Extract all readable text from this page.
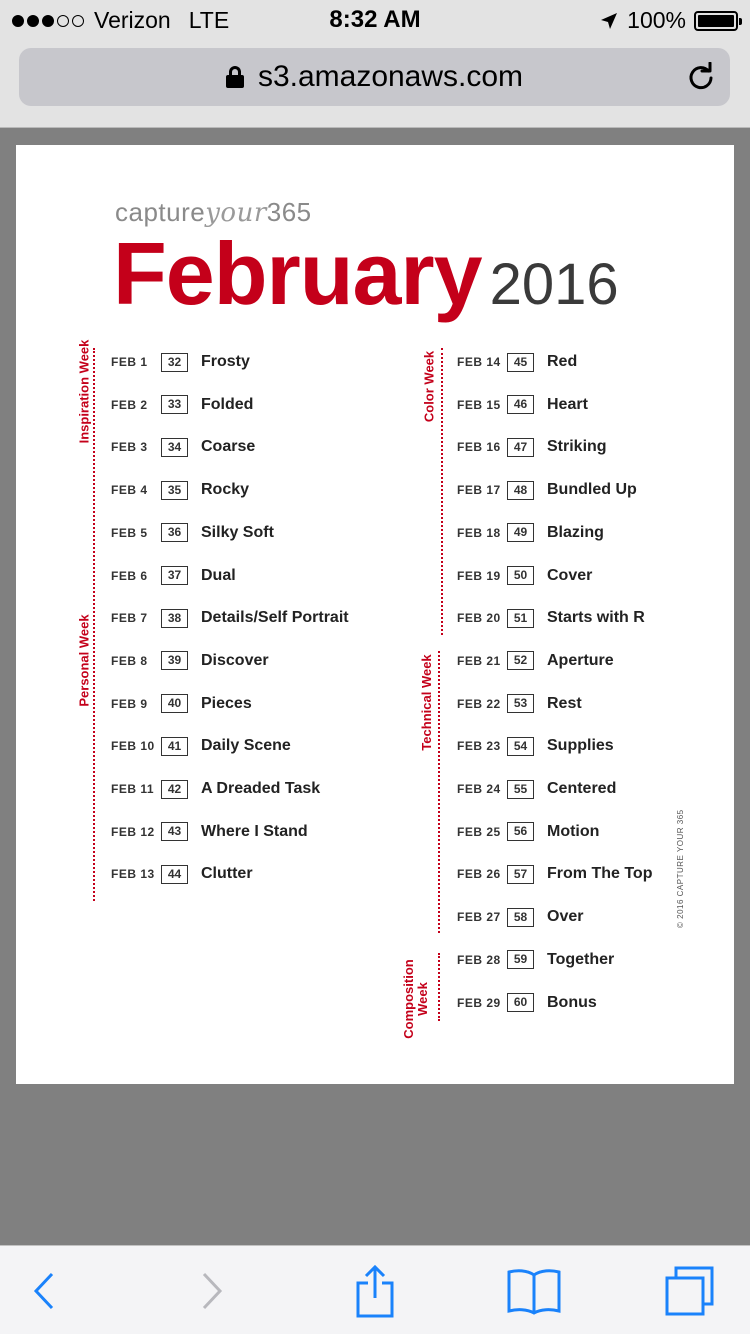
Verizon LTE	8:32 AM	100%
s3.amazonaws.com
captureyour365
February 2016
Inspiration Week
Personal Week
Color Week
Technical Week
Composition Week
FEB 1	32	Frosty
FEB 2	33	Folded
FEB 3	34	Coarse
FEB 4	35	Rocky
FEB 5	36	Silky Soft
FEB 6	37	Dual
FEB 7	38	Details/Self Portrait
FEB 8	39	Discover
FEB 9	40	Pieces
FEB 10	41	Daily Scene
FEB 11	42	A Dreaded Task
FEB 12	43	Where I Stand
FEB 13	44	Clutter
FEB 14	45	Red
FEB 15	46	Heart
FEB 16	47	Striking
FEB 17	48	Bundled Up
FEB 18	49	Blazing
FEB 19	50	Cover
FEB 20	51	Starts with R
FEB 21	52	Aperture
FEB 22	53	Rest
FEB 23	54	Supplies
FEB 24	55	Centered
FEB 25	56	Motion
FEB 26	57	From The Top
FEB 27	58	Over
FEB 28	59	Together
FEB 29	60	Bonus
© 2016 CAPTURE YOUR 365
